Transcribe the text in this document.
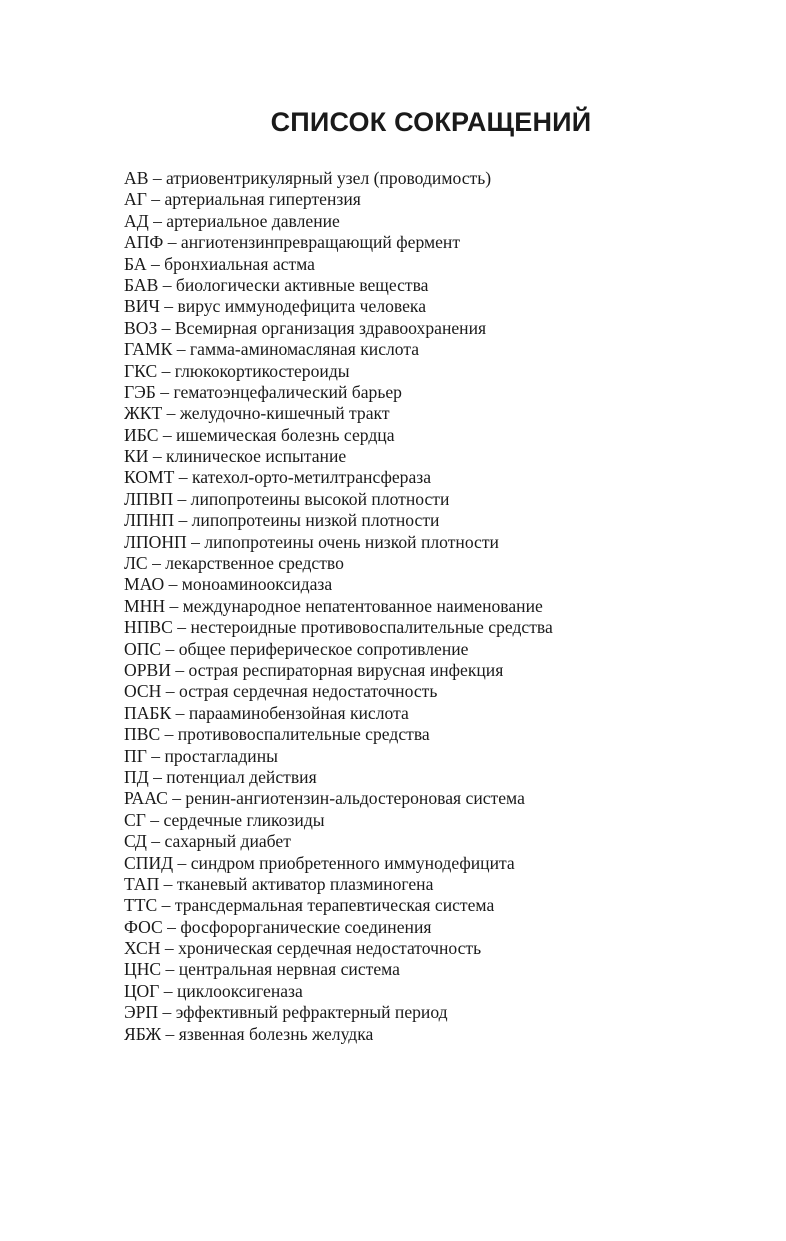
СПИСОК СОКРАЩЕНИЙ
АВ – атриовентрикулярный узел (проводимость)
АГ – артериальная гипертензия
АД – артериальное давление
АПФ – ангиотензинпревращающий фермент
БА – бронхиальная астма
БАВ – биологически активные вещества
ВИЧ – вирус иммунодефицита человека
ВОЗ – Всемирная организация здравоохранения
ГАМК – гамма-аминомасляная кислота
ГКС – глюкокортикостероиды
ГЭБ – гематоэнцефалический барьер
ЖКТ – желудочно-кишечный тракт
ИБС – ишемическая болезнь сердца
КИ – клиническое испытание
КОМТ – катехол-орто-метилтрансфераза
ЛПВП – липопротеины высокой плотности
ЛПНП – липопротеины низкой плотности
ЛПОНП – липопротеины очень низкой плотности
ЛС – лекарственное средство
МАО – моноаминооксидаза
МНН – международное непатентованное наименование
НПВС – нестероидные противовоспалительные средства
ОПС – общее периферическое сопротивление
ОРВИ – острая респираторная вирусная инфекция
ОСН – острая сердечная недостаточность
ПАБК – парааминобензойная кислота
ПВС – противовоспалительные средства
ПГ – простагладины
ПД – потенциал действия
РААС – ренин-ангиотензин-альдостероновая система
СГ – сердечные гликозиды
СД – сахарный диабет
СПИД – синдром приобретенного иммунодефицита
ТАП – тканевый активатор плазминогена
ТТС – трансдермальная терапевтическая система
ФОС – фосфорорганические соединения
ХСН – хроническая сердечная недостаточность
ЦНС – центральная нервная система
ЦОГ – циклооксигеназа
ЭРП – эффективный рефрактерный период
ЯБЖ – язвенная болезнь желудка
